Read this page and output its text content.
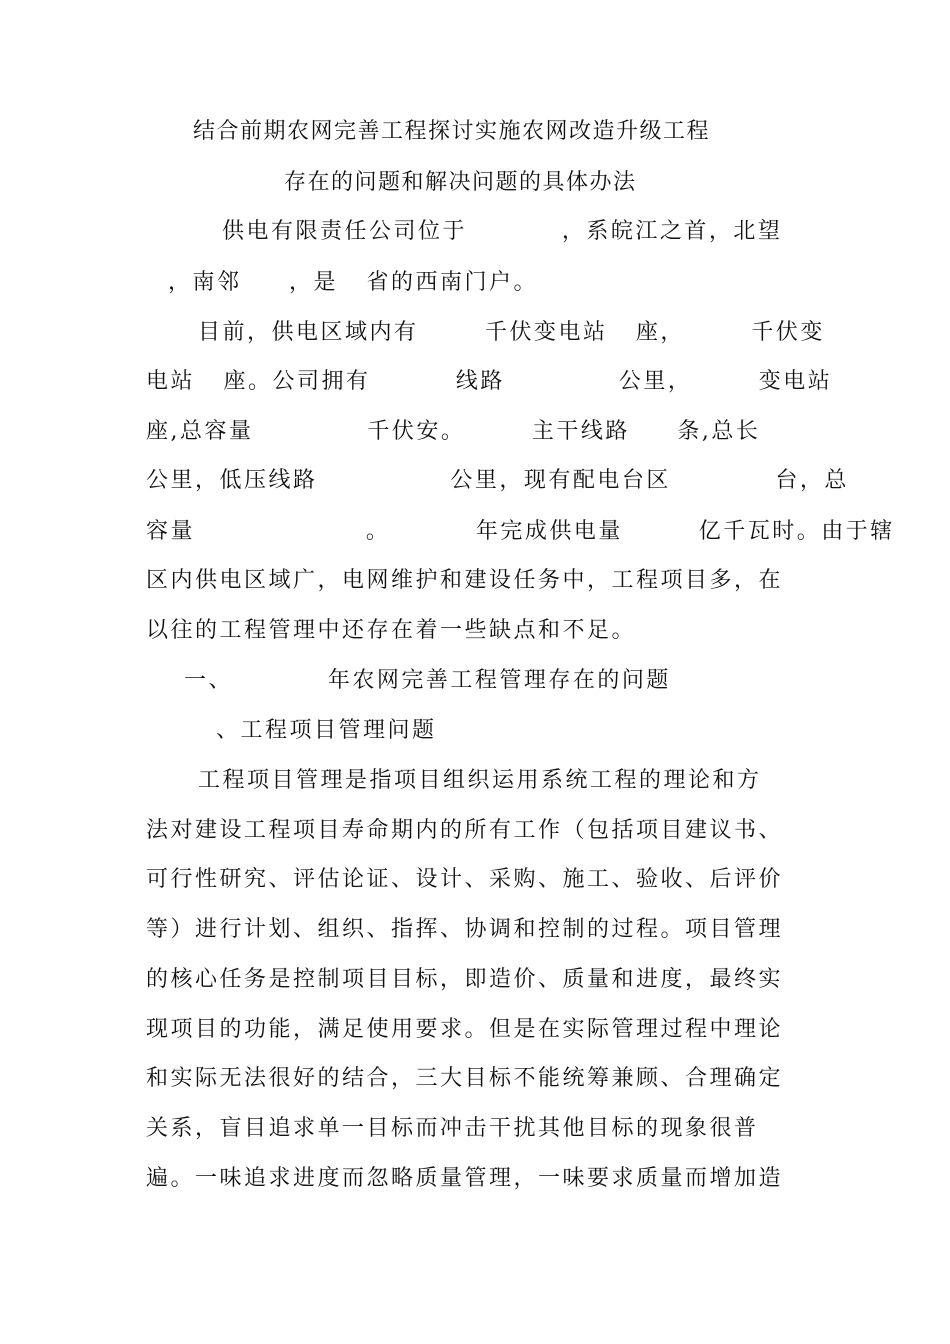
结合前期农网完善工程探讨实施农网改造升级工程
存在的问题和解决问题的具体办法
供电有限责任公司位于          ，系皖江之首，北望
，南邻     ，是   省的西南门户。
目前，供电区域内有       千伏变电站   座，       千伏变
电站   座。公司拥有         线路            公里，       变电站
座,总容量            千伏安。       主干线路     条,总长
公里，低压线路              公里，现有配电台区           台，总
容量                  。         年完成供电量        亿千瓦时。由于辖
区内供电区域广，电网维护和建设任务中，工程项目多，在
以往的工程管理中还存在着一些缺点和不足。
一、          年农网完善工程管理存在的问题
、工程项目管理问题
工程项目管理是指项目组织运用系统工程的理论和方
法对建设工程项目寿命期内的所有工作（包括项目建议书、
可行性研究、评估论证、设计、采购、施工、验收、后评价
等）进行计划、组织、指挥、协调和控制的过程。项目管理
的核心任务是控制项目目标，即造价、质量和进度，最终实
现项目的功能，满足使用要求。但是在实际管理过程中理论
和实际无法很好的结合，三大目标不能统筹兼顾、合理确定
关系，盲目追求单一目标而冲击干扰其他目标的现象很普
遍。一味追求进度而忽略质量管理，一味要求质量而增加造
